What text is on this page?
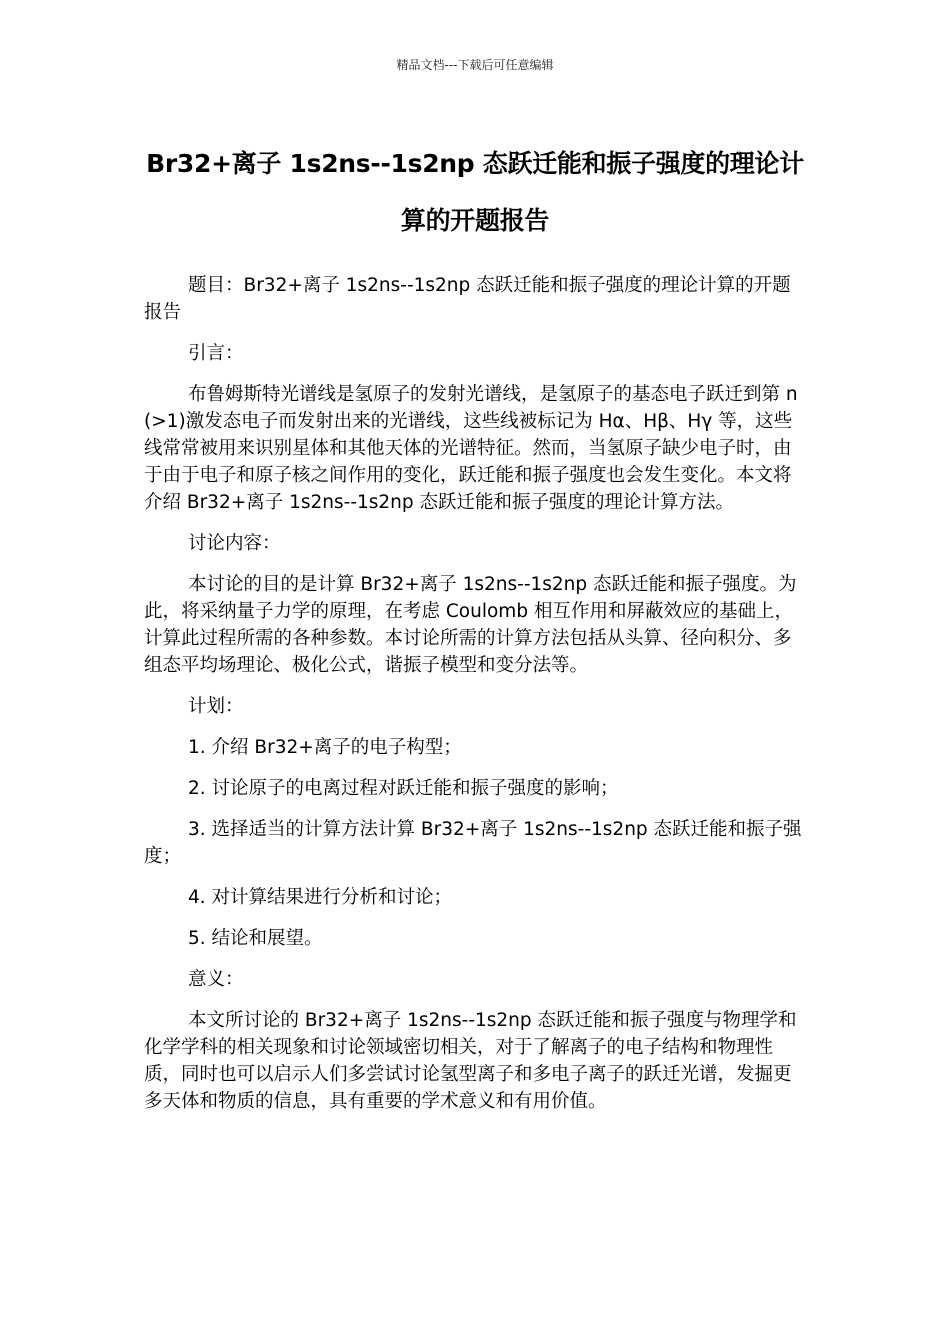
精品文档---下载后可任意编辑
Br32+离子 1s2ns--1s2np 态跃迁能和振子强度的理论计算的开题报告

题目：Br32+离子 1s2ns--1s2np 态跃迁能和振子强度的理论计算的开题报告

引言：

布鲁姆斯特光谱线是氢原子的发射光谱线，是氢原子的基态电子跃迁到第 n(>1)激发态电子而发射出来的光谱线，这些线被标记为 Hα、Hβ、Hγ 等，这些线常常被用来识别星体和其他天体的光谱特征。然而，当氢原子缺少电子时，由于由于电子和原子核之间作用的变化，跃迁能和振子强度也会发生变化。本文将介绍 Br32+离子 1s2ns--1s2np 态跃迁能和振子强度的理论计算方法。

讨论内容：

本讨论的目的是计算 Br32+离子 1s2ns--1s2np 态跃迁能和振子强度。为此，将采纳量子力学的原理，在考虑 Coulomb 相互作用和屏蔽效应的基础上，计算此过程所需的各种参数。本讨论所需的计算方法包括从头算、径向积分、多组态平均场理论、极化公式，谐振子模型和变分法等。

计划：

1. 介绍 Br32+离子的电子构型；

2. 讨论原子的电离过程对跃迁能和振子强度的影响；

3. 选择适当的计算方法计算 Br32+离子 1s2ns--1s2np 态跃迁能和振子强度；

4. 对计算结果进行分析和讨论；

5. 结论和展望。

意义：

本文所讨论的 Br32+离子 1s2ns--1s2np 态跃迁能和振子强度与物理学和化学学科的相关现象和讨论领域密切相关，对于了解离子的电子结构和物理性质，同时也可以启示人们多尝试讨论氢型离子和多电子离子的跃迁光谱，发掘更多天体和物质的信息，具有重要的学术意义和有用价值。
